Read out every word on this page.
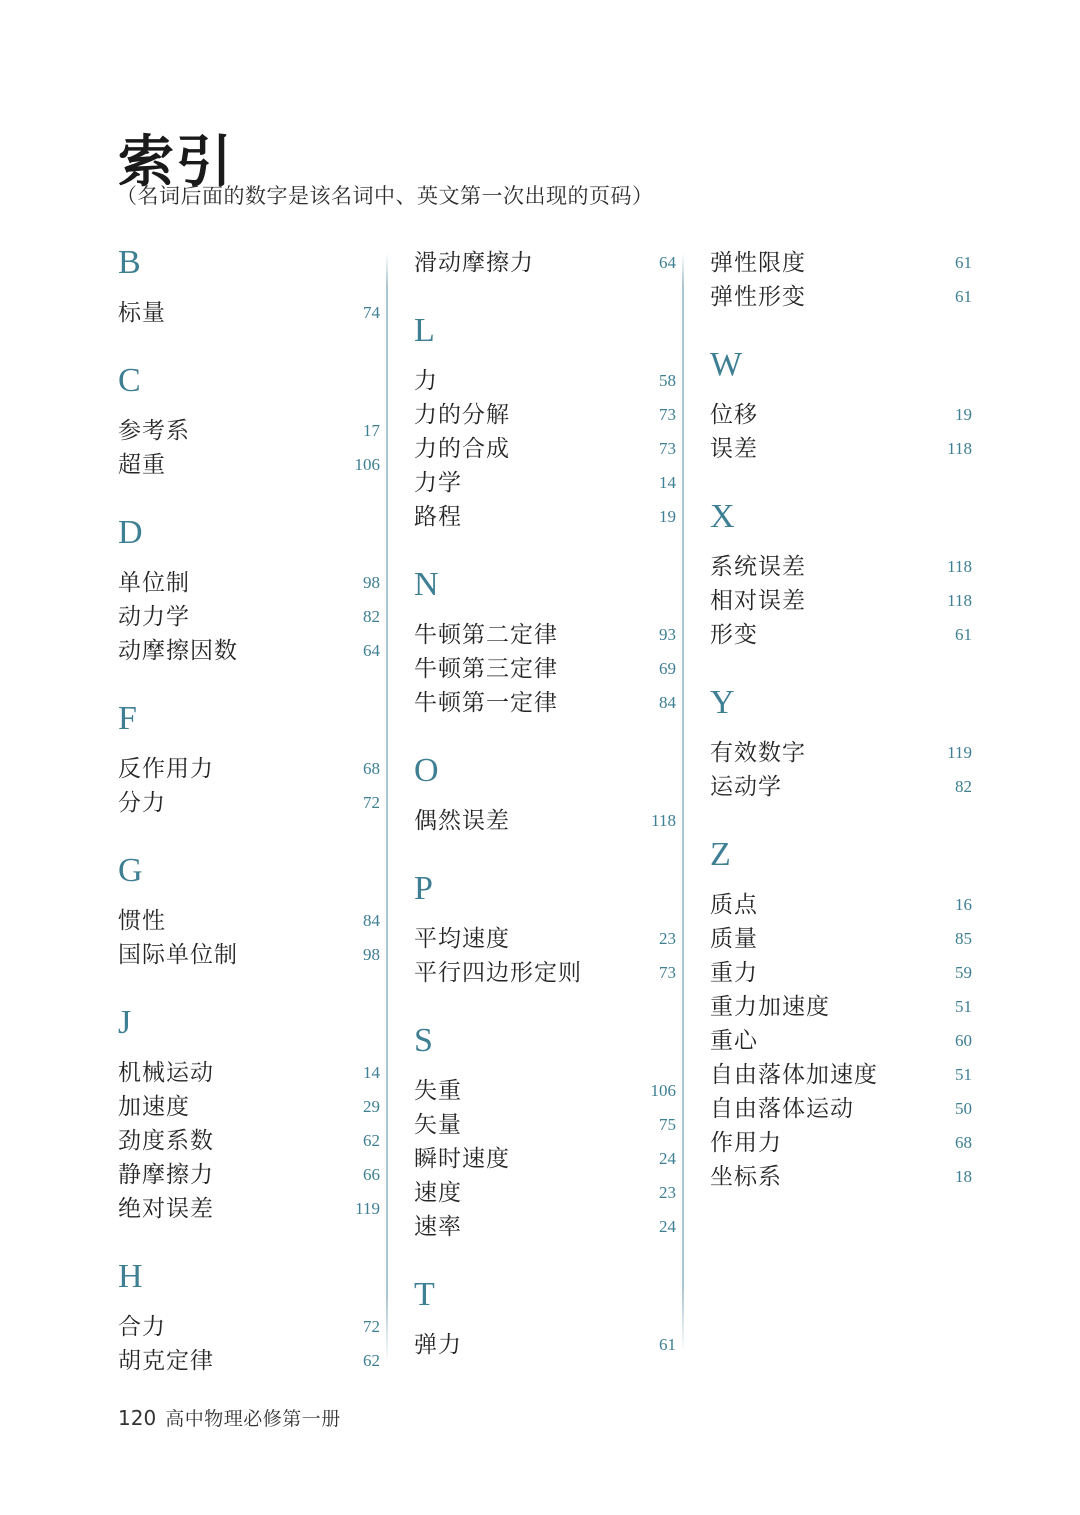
索引
（名词后面的数字是该名词中、英文第一次出现的页码）
B
标量	74
C
参考系	17
超重	106
D
单位制	98
动力学	82
动摩擦因数	64
F
反作用力	68
分力	72
G
惯性	84
国际单位制	98
J
机械运动	14
加速度	29
劲度系数	62
静摩擦力	66
绝对误差	119
H
合力	72
胡克定律	62
滑动摩擦力	64
L
力	58
力的分解	73
力的合成	73
力学	14
路程	19
N
牛顿第二定律	93
牛顿第三定律	69
牛顿第一定律	84
O
偶然误差	118
P
平均速度	23
平行四边形定则	73
S
失重	106
矢量	75
瞬时速度	24
速度	23
速率	24
T
弹力	61
弹性限度	61
弹性形变	61
W
位移	19
误差	118
X
系统误差	118
相对误差	118
形变	61
Y
有效数字	119
运动学	82
Z
质点	16
质量	85
重力	59
重力加速度	51
重心	60
自由落体加速度	51
自由落体运动	50
作用力	68
坐标系	18
120 高中物理必修第一册
